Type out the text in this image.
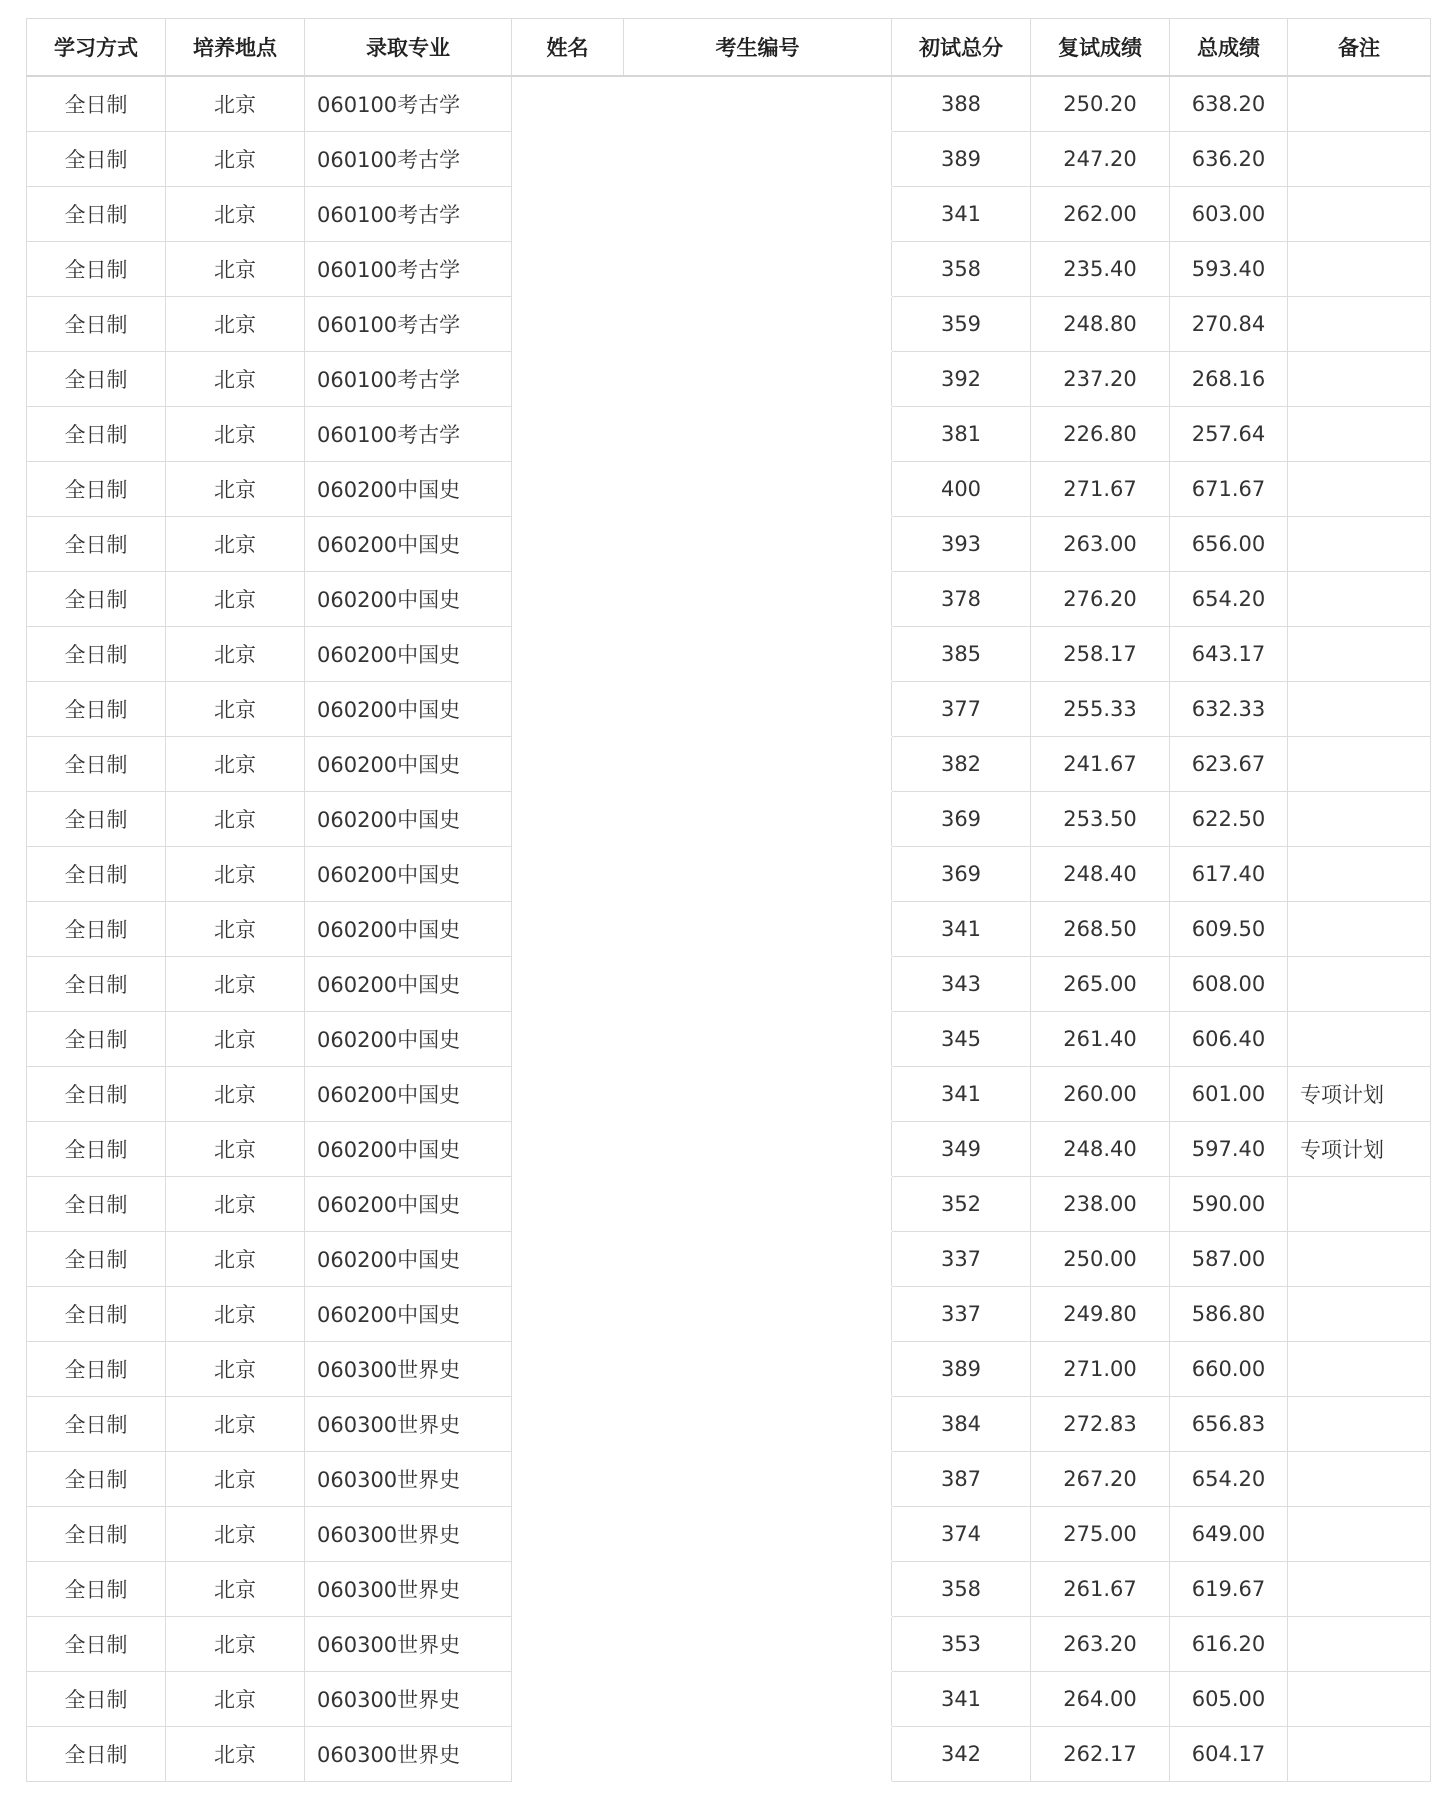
学习方式	培养地点	录取专业	姓名	考生编号	初试总分	复试成绩	总成绩	备注
全日制	北京	060100考古学			388	250.20	638.20	
全日制	北京	060100考古学			389	247.20	636.20	
全日制	北京	060100考古学			341	262.00	603.00	
全日制	北京	060100考古学			358	235.40	593.40	
全日制	北京	060100考古学			359	248.80	270.84	
全日制	北京	060100考古学			392	237.20	268.16	
全日制	北京	060100考古学			381	226.80	257.64	
全日制	北京	060200中国史			400	271.67	671.67	
全日制	北京	060200中国史			393	263.00	656.00	
全日制	北京	060200中国史			378	276.20	654.20	
全日制	北京	060200中国史			385	258.17	643.17	
全日制	北京	060200中国史			377	255.33	632.33	
全日制	北京	060200中国史			382	241.67	623.67	
全日制	北京	060200中国史			369	253.50	622.50	
全日制	北京	060200中国史			369	248.40	617.40	
全日制	北京	060200中国史			341	268.50	609.50	
全日制	北京	060200中国史			343	265.00	608.00	
全日制	北京	060200中国史			345	261.40	606.40	
全日制	北京	060200中国史			341	260.00	601.00	专项计划
全日制	北京	060200中国史			349	248.40	597.40	专项计划
全日制	北京	060200中国史			352	238.00	590.00	
全日制	北京	060200中国史			337	250.00	587.00	
全日制	北京	060200中国史			337	249.80	586.80	
全日制	北京	060300世界史			389	271.00	660.00	
全日制	北京	060300世界史			384	272.83	656.83	
全日制	北京	060300世界史			387	267.20	654.20	
全日制	北京	060300世界史			374	275.00	649.00	
全日制	北京	060300世界史			358	261.67	619.67	
全日制	北京	060300世界史			353	263.20	616.20	
全日制	北京	060300世界史			341	264.00	605.00	
全日制	北京	060300世界史			342	262.17	604.17	
